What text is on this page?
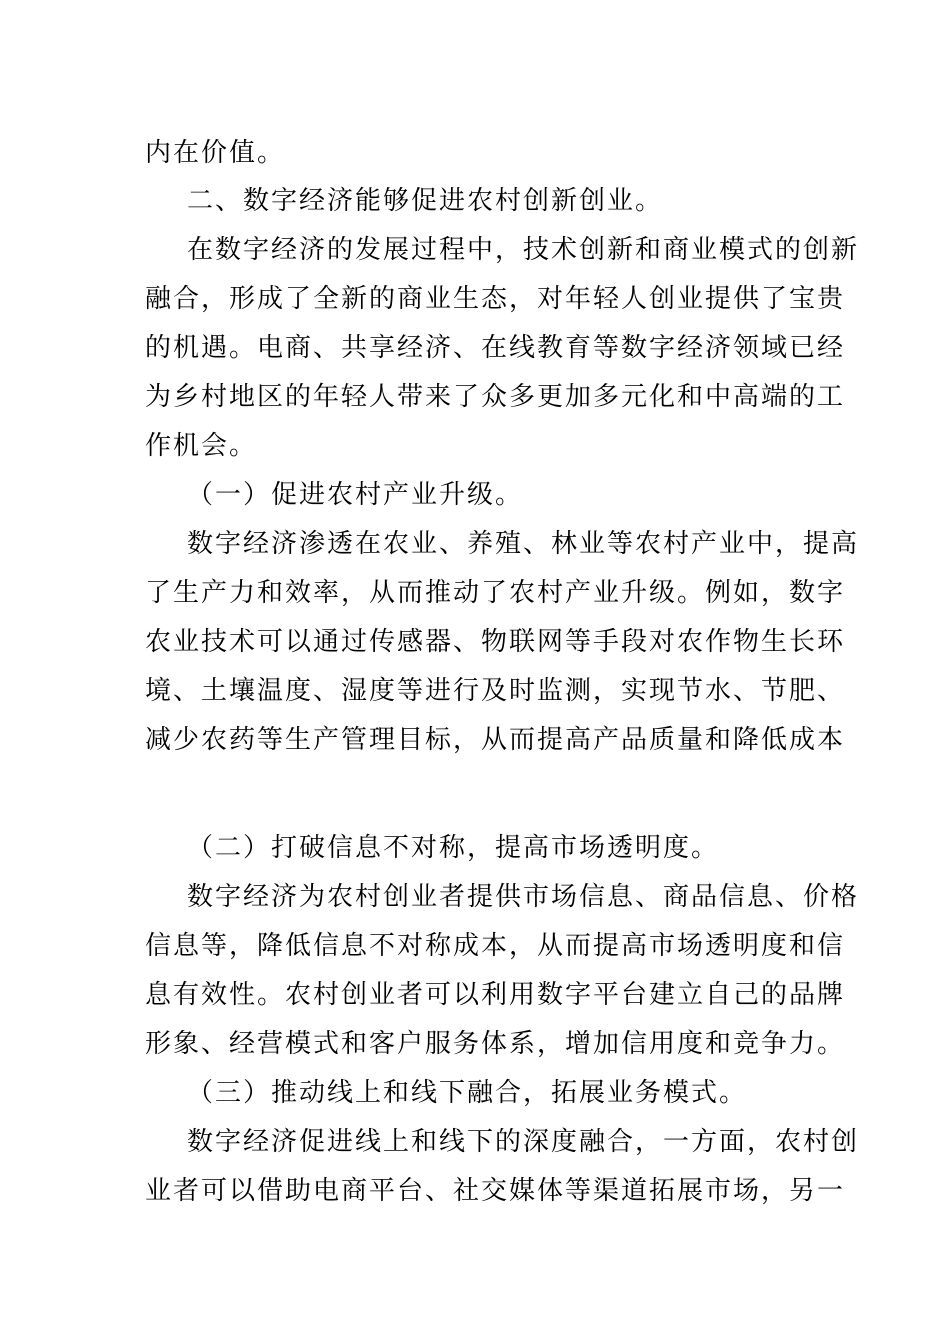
内在价值。
二、数字经济能够促进农村创新创业。
在数字经济的发展过程中，技术创新和商业模式的创新
融合，形成了全新的商业生态，对年轻人创业提供了宝贵
的机遇。电商、共享经济、在线教育等数字经济领域已经
为乡村地区的年轻人带来了众多更加多元化和中高端的工
作机会。
（一）促进农村产业升级。
数字经济渗透在农业、养殖、林业等农村产业中，提高
了生产力和效率，从而推动了农村产业升级。例如，数字
农业技术可以通过传感器、物联网等手段对农作物生长环
境、土壤温度、湿度等进行及时监测，实现节水、节肥、
减少农药等生产管理目标，从而提高产品质量和降低成本
（二）打破信息不对称，提高市场透明度。
数字经济为农村创业者提供市场信息、商品信息、价格
信息等，降低信息不对称成本，从而提高市场透明度和信
息有效性。农村创业者可以利用数字平台建立自己的品牌
形象、经营模式和客户服务体系，增加信用度和竞争力。
（三）推动线上和线下融合，拓展业务模式。
数字经济促进线上和线下的深度融合，一方面，农村创
业者可以借助电商平台、社交媒体等渠道拓展市场，另一
